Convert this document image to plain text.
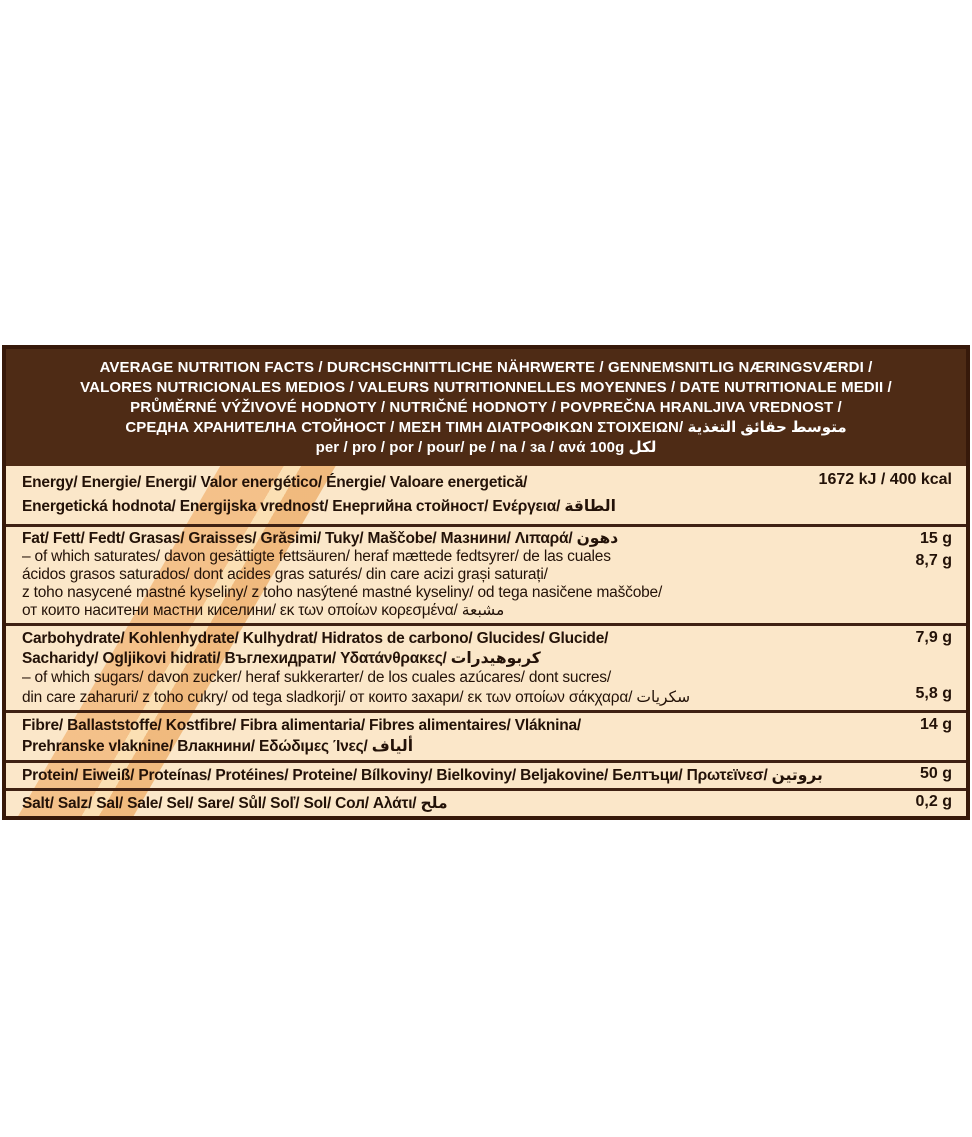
AVERAGE NUTRITION FACTS / DURCHSCHNITTLICHE NÄHRWERTE / GENNEMSNITLIG NÆRINGSVÆRDI /
VALORES NUTRICIONALES MEDIOS / VALEURS NUTRITIONNELLES MOYENNES / DATE NUTRITIONALE MEDII /
PRŮMĚRNÉ VÝŽIVOVÉ HODNOTY / NUTRIČNÉ HODNOTY / POVPREČNA HRANLJIVA VREDNOST /
СРЕДНА ХРАНИТЕЛНА СТОЙНОСТ / ΜΕΣΗ ΤΙΜΗ ΔΙΑΤΡΟΦΙΚΩΝ ΣΤΟΙΧΕΙΩΝ/ متوسط حقائق التغذية
per / pro / por / pour/ pe / na / за / ανά 100g لكل
Energy/ Energie/ Energi/ Valor energético/ Énergie/ Valoare energetică/
Energetická hodnota/ Energijska vrednost/ Енергийна стойност/ Ενέργεια/ الطاقة
1672 kJ / 400 kcal
Fat/ Fett/ Fedt/ Grasas/ Graisses/ Grăsimi/ Tuky/ Maščobe/ Мазнини/ Λιπαρά/ دهون
– of which saturates/ davon gesättigte fettsäuren/ heraf mættede fedtsyrer/ de las cuales
ácidos grasos saturados/ dont acides gras saturés/ din care acizi grași saturați/
z toho nasycené mastné kyseliny/ z toho nasýtené mastné kyseliny/ od tega nasičene maščobe/
от които наситени мастни киселини/ εκ των οποίων κορεσμένα/ مشبعة
15 g
8,7 g
Carbohydrate/ Kohlenhydrate/ Kulhydrat/ Hidratos de carbono/ Glucides/ Glucide/
Sacharidy/ Ogljikovi hidrati/ Въглехидрати/ Υδατάνθρακες/ كربوهيدرات
– of which sugars/ davon zucker/ heraf sukkerarter/ de los cuales azúcares/ dont sucres/
din care zaharuri/ z toho cukry/ od tega sladkorji/ от които захари/ εκ των οποίων σάκχαρα/ سكريات
7,9 g
5,8 g
Fibre/ Ballaststoffe/ Kostfibre/ Fibra alimentaria/ Fibres alimentaires/ Vláknina/
Prehranske vlaknine/ Влакнини/ Εδώδιμες Ίνες/ ألياف
14 g
Protein/ Eiweiß/ Proteínas/ Protéines/ Proteine/ Bílkoviny/ Bielkoviny/ Beljakovine/ Белтъци/ Πρωτεϊνεσ/ بروتين	50 g
Salt/ Salz/ Sal/ Sale/ Sel/ Sare/ Sůl/ Soľ/ Sol/ Сол/ Αλάτι/ ملح	0,2 g
